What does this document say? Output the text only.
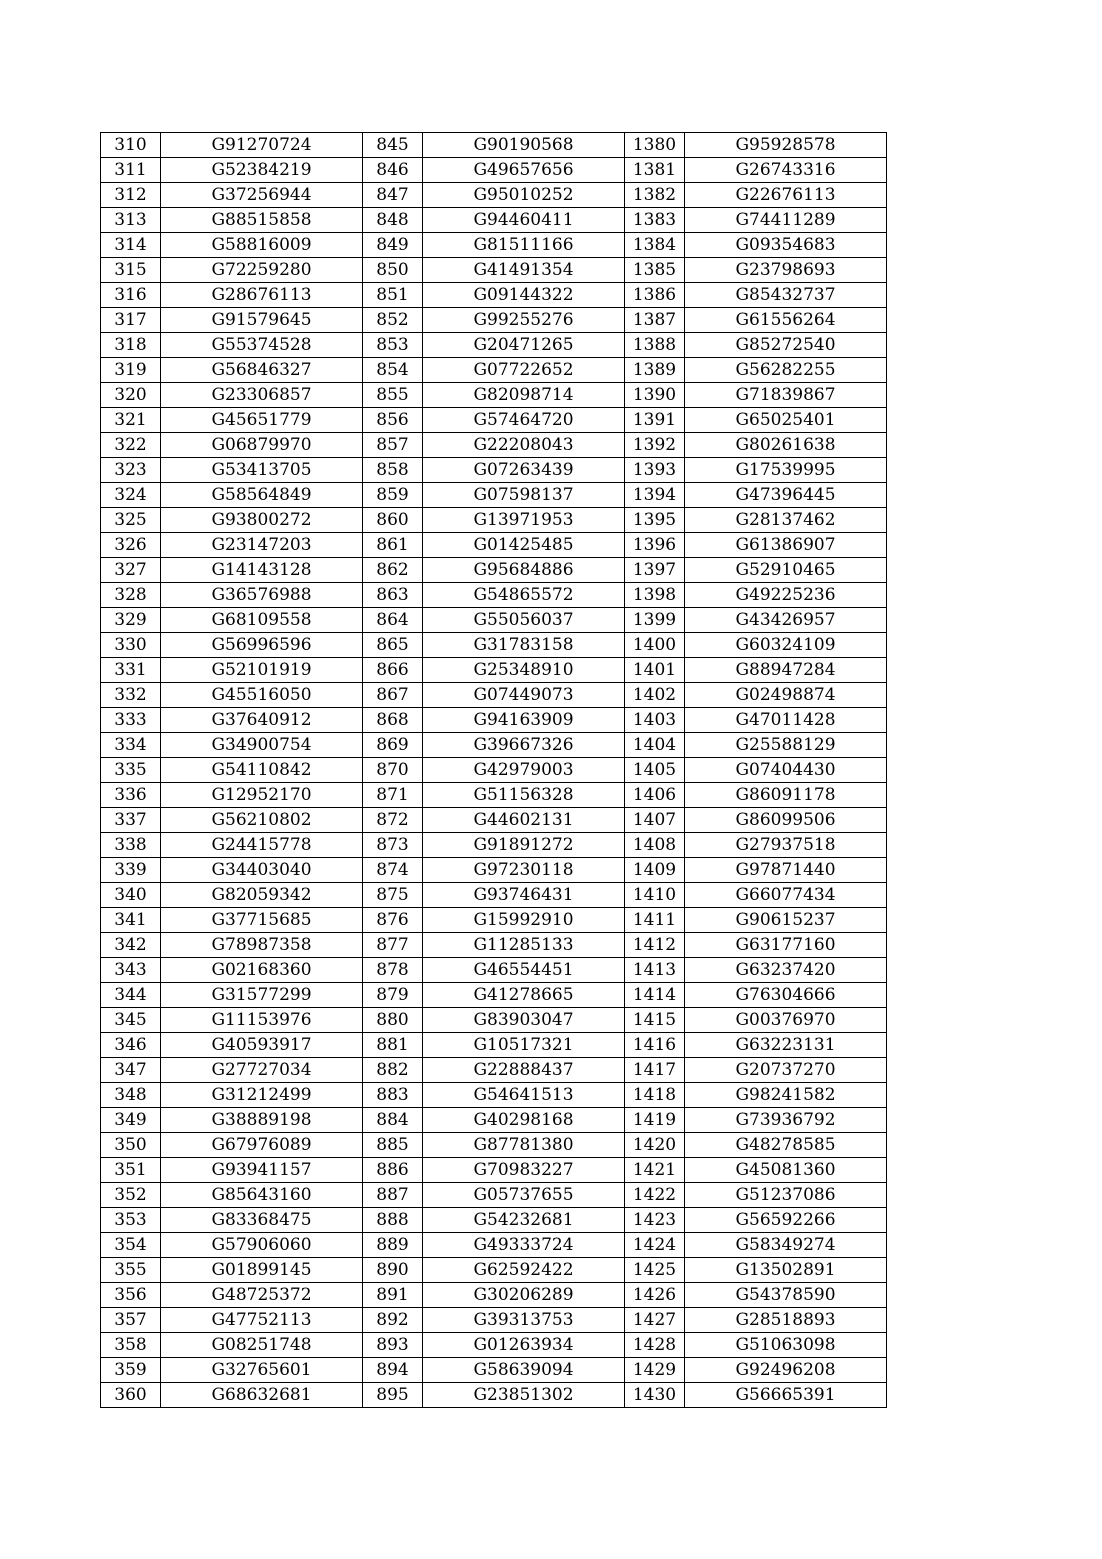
310	G91270724	845	G90190568	1380	G95928578
311	G52384219	846	G49657656	1381	G26743316
312	G37256944	847	G95010252	1382	G22676113
313	G88515858	848	G94460411	1383	G74411289
314	G58816009	849	G81511166	1384	G09354683
315	G72259280	850	G41491354	1385	G23798693
316	G28676113	851	G09144322	1386	G85432737
317	G91579645	852	G99255276	1387	G61556264
318	G55374528	853	G20471265	1388	G85272540
319	G56846327	854	G07722652	1389	G56282255
320	G23306857	855	G82098714	1390	G71839867
321	G45651779	856	G57464720	1391	G65025401
322	G06879970	857	G22208043	1392	G80261638
323	G53413705	858	G07263439	1393	G17539995
324	G58564849	859	G07598137	1394	G47396445
325	G93800272	860	G13971953	1395	G28137462
326	G23147203	861	G01425485	1396	G61386907
327	G14143128	862	G95684886	1397	G52910465
328	G36576988	863	G54865572	1398	G49225236
329	G68109558	864	G55056037	1399	G43426957
330	G56996596	865	G31783158	1400	G60324109
331	G52101919	866	G25348910	1401	G88947284
332	G45516050	867	G07449073	1402	G02498874
333	G37640912	868	G94163909	1403	G47011428
334	G34900754	869	G39667326	1404	G25588129
335	G54110842	870	G42979003	1405	G07404430
336	G12952170	871	G51156328	1406	G86091178
337	G56210802	872	G44602131	1407	G86099506
338	G24415778	873	G91891272	1408	G27937518
339	G34403040	874	G97230118	1409	G97871440
340	G82059342	875	G93746431	1410	G66077434
341	G37715685	876	G15992910	1411	G90615237
342	G78987358	877	G11285133	1412	G63177160
343	G02168360	878	G46554451	1413	G63237420
344	G31577299	879	G41278665	1414	G76304666
345	G11153976	880	G83903047	1415	G00376970
346	G40593917	881	G10517321	1416	G63223131
347	G27727034	882	G22888437	1417	G20737270
348	G31212499	883	G54641513	1418	G98241582
349	G38889198	884	G40298168	1419	G73936792
350	G67976089	885	G87781380	1420	G48278585
351	G93941157	886	G70983227	1421	G45081360
352	G85643160	887	G05737655	1422	G51237086
353	G83368475	888	G54232681	1423	G56592266
354	G57906060	889	G49333724	1424	G58349274
355	G01899145	890	G62592422	1425	G13502891
356	G48725372	891	G30206289	1426	G54378590
357	G47752113	892	G39313753	1427	G28518893
358	G08251748	893	G01263934	1428	G51063098
359	G32765601	894	G58639094	1429	G92496208
360	G68632681	895	G23851302	1430	G56665391
